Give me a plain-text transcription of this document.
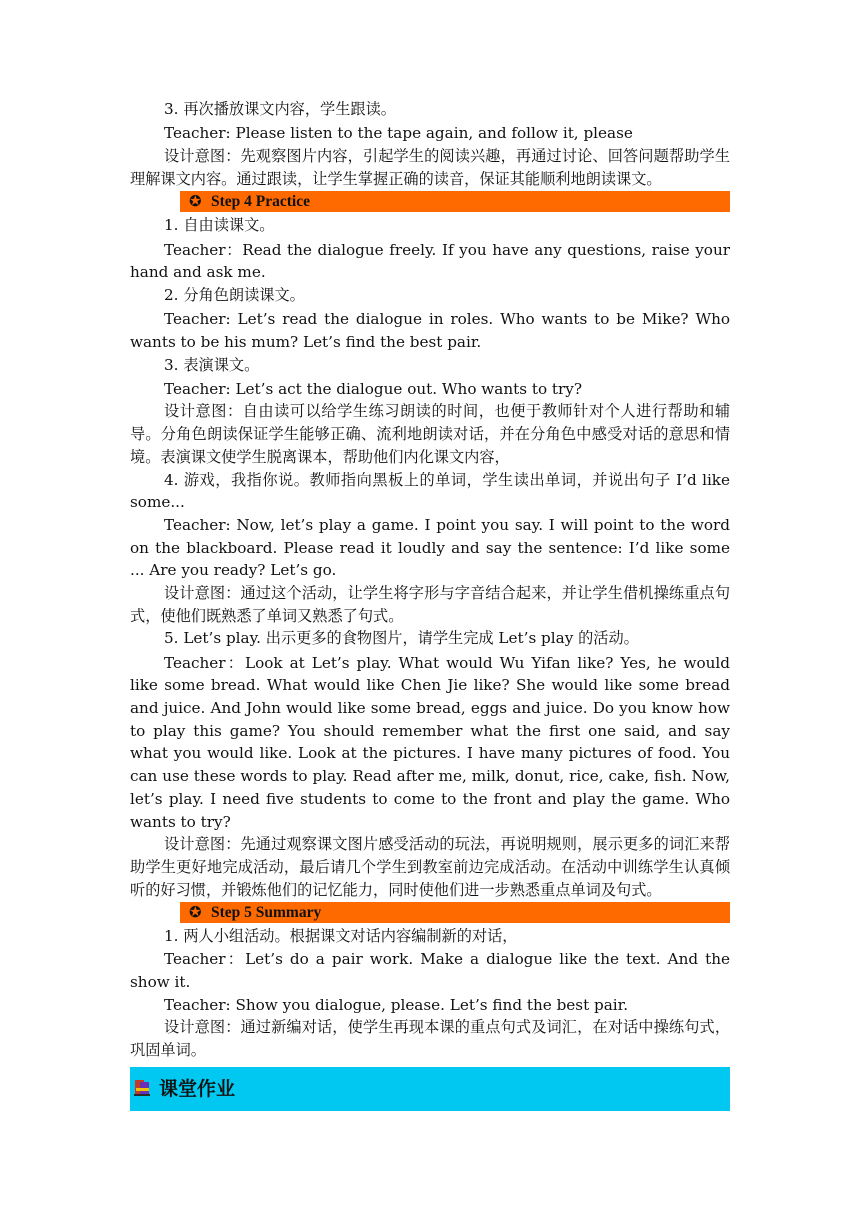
3. 再次播放课文内容，学生跟读。

Teacher: Please listen to the tape again, and follow it, please

设计意图：先观察图片内容，引起学生的阅读兴趣，再通过讨论、回答问题帮助学生理解课文内容。通过跟读，让学生掌握正确的读音，保证其能顺利地朗读课文。

✪ Step 4 Practice

1. 自由读课文。

Teacher：Read the dialogue freely. If you have any questions, raise your hand and ask me.

2. 分角色朗读课文。

Teacher: Let’s read the dialogue in roles. Who wants to be Mike? Who wants to be his mum? Let’s find the best pair.

3. 表演课文。

Teacher: Let’s act the dialogue out. Who wants to try?

设计意图：自由读可以给学生练习朗读的时间，也便于教师针对个人进行帮助和辅导。分角色朗读保证学生能够正确、流利地朗读对话，并在分角色中感受对话的意思和情境。表演课文使学生脱离课本，帮助他们内化课文内容，

4. 游戏，我指你说。教师指向黑板上的单词，学生读出单词，并说出句子 I’d like some...

Teacher: Now, let’s play a game. I point you say. I will point to the word on the blackboard. Please read it loudly and say the sentence: I’d like some ... Are you ready? Let’s go.

设计意图：通过这个活动，让学生将字形与字音结合起来，并让学生借机操练重点句式，使他们既熟悉了单词又熟悉了句式。

5. Let’s play. 出示更多的食物图片，请学生完成 Let’s play 的活动。

Teacher：Look at Let’s play. What would Wu Yifan like? Yes, he would like some bread. What would like Chen Jie like? She would like some bread and juice. And John would like some bread, eggs and juice. Do you know how to play this game? You should remember what the first one said, and say what you would like. Look at the pictures. I have many pictures of food. You can use these words to play. Read after me, milk, donut, rice, cake, fish. Now, let’s play. I need five students to come to the front and play the game. Who wants to try?

设计意图：先通过观察课文图片感受活动的玩法，再说明规则，展示更多的词汇来帮助学生更好地完成活动，最后请几个学生到教室前边完成活动。在活动中训练学生认真倾听的好习惯，并锻炼他们的记忆能力，同时使他们进一步熟悉重点单词及句式。

✪ Step 5 Summary

1. 两人小组活动。根据课文对话内容编制新的对话，

Teacher：Let’s do a pair work. Make a dialogue like the text. And the show it.

Teacher: Show you dialogue, please. Let’s find the best pair.

设计意图：通过新编对话，使学生再现本课的重点句式及词汇，在对话中操练句式，巩固单词。

课堂作业
